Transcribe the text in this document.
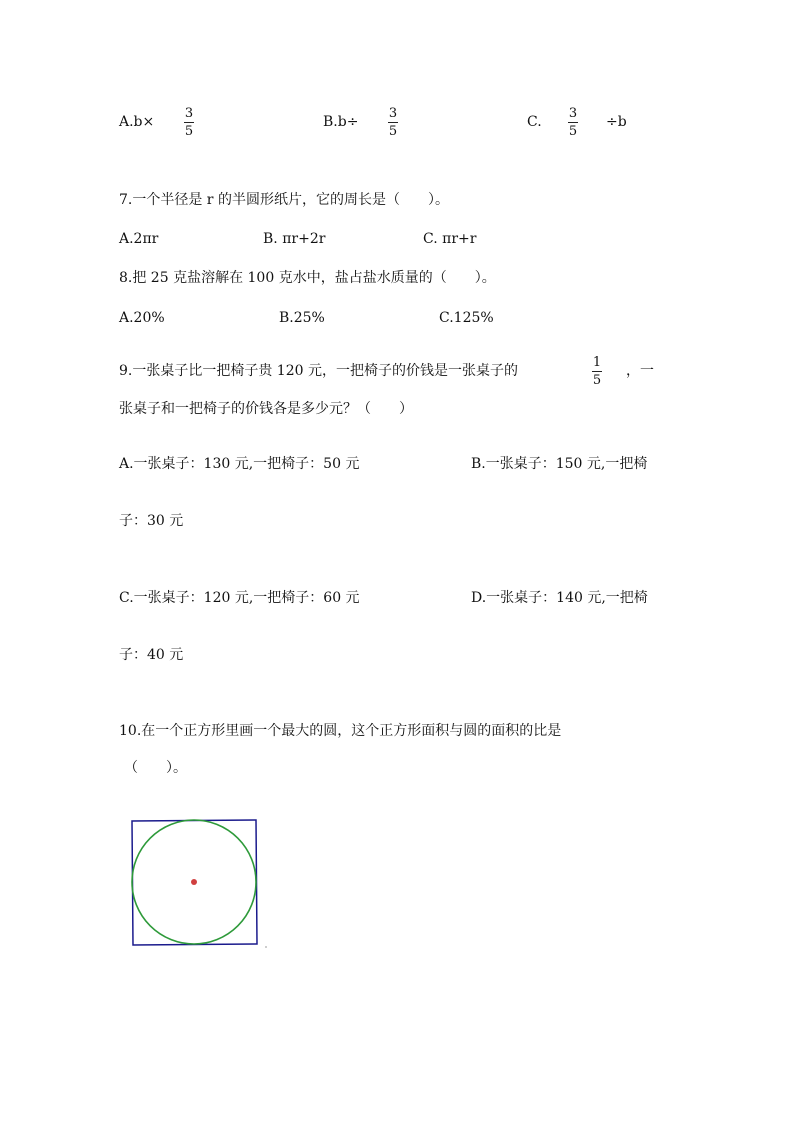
A.b×
3
5
B.b÷
3
5
C.
3
5
÷b
7.一个半径是 r 的半圆形纸片，它的周长是（　　）。
A.2πr	B. πr+2r	C. πr+r
8.把 25 克盐溶解在 100 克水中，盐占盐水质量的（　　）。
A.20%	B.25%	C.125%
9.一张桌子比一把椅子贵 120 元，一把椅子的价钱是一张桌子的
1
5
，一
张桌子和一把椅子的价钱各是多少元？（　　）
A.一张桌子：130 元,一把椅子：50 元	B.一张桌子：150 元,一把椅
子：30 元
C.一张桌子：120 元,一把椅子：60 元	D.一张桌子：140 元,一把椅
子：40 元
10.在一个正方形里画一个最大的圆，这个正方形面积与圆的面积的比是
（　　）。
